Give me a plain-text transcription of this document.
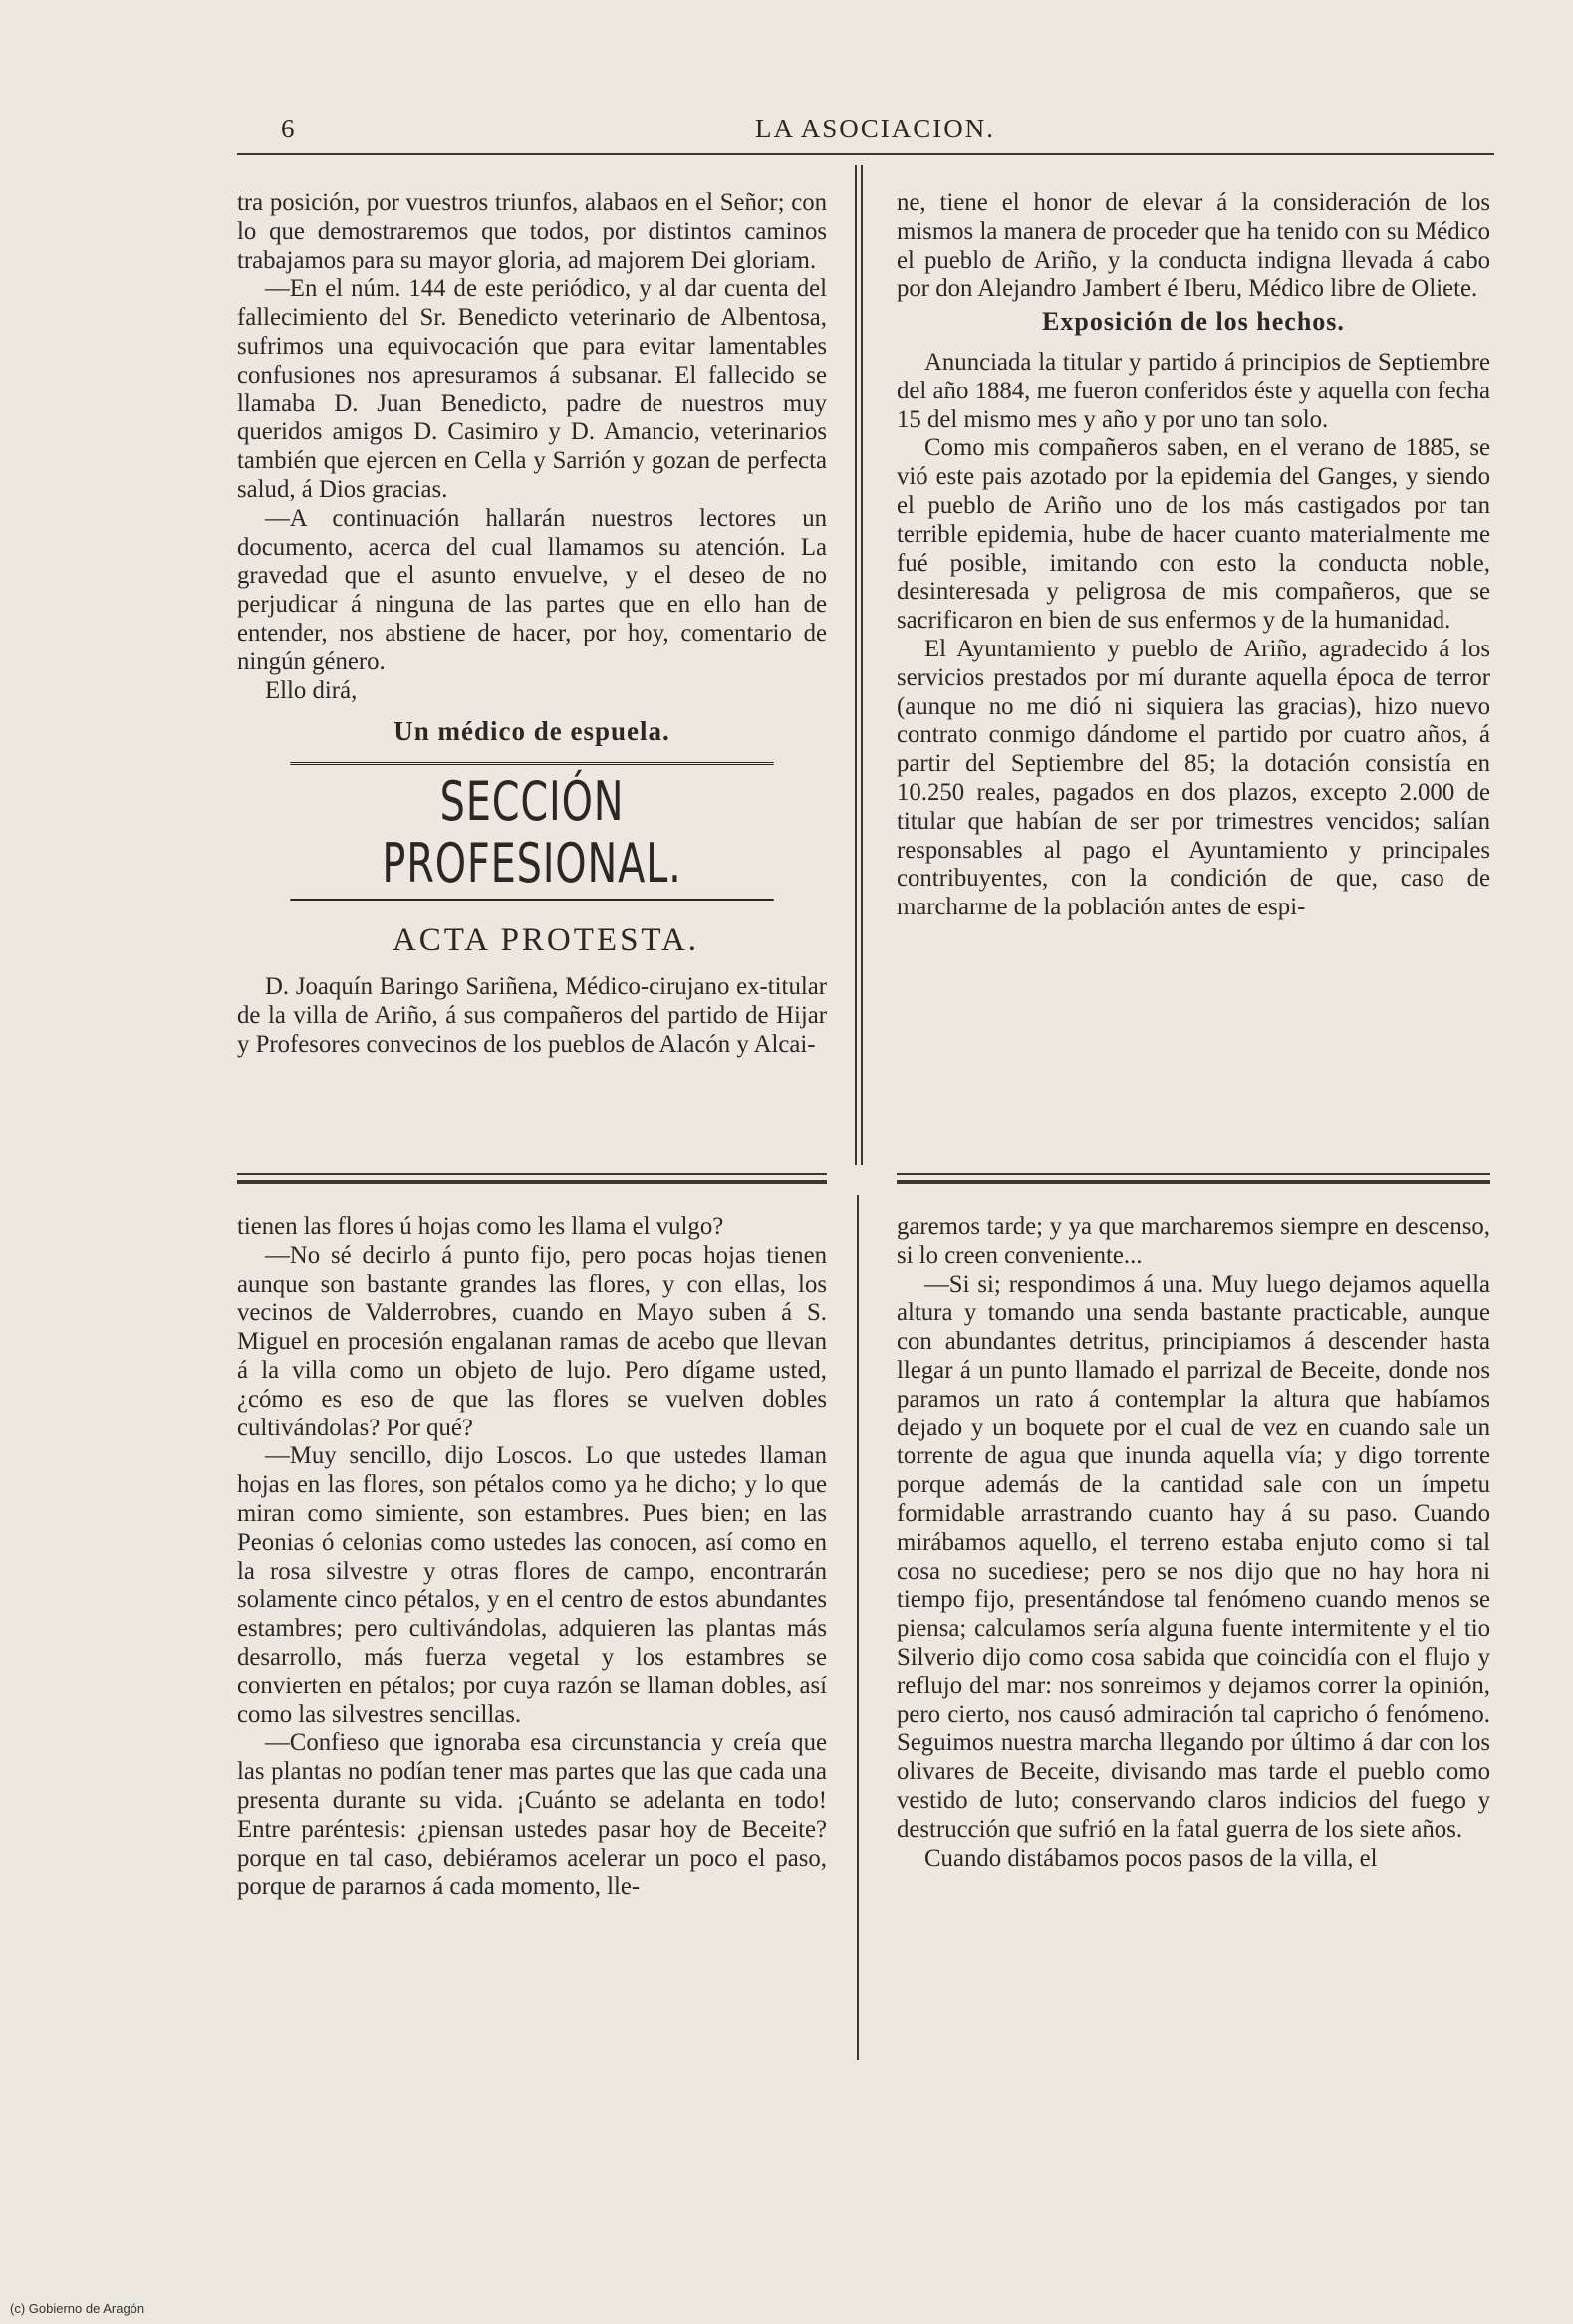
6	LA ASOCIACION.

tra posición, por vuestros triunfos, alabaos en el Señor; con lo que demostraremos que todos, por distintos caminos trabajamos para su mayor gloria, ad majorem Dei gloriam.

—En el núm. 144 de este periódico, y al dar cuenta del fallecimiento del Sr. Benedicto veterinario de Albentosa, sufrimos una equivocación que para evitar lamentables confusiones nos apresuramos á subsanar. El fallecido se llamaba D. Juan Benedicto, padre de nuestros muy queridos amigos D. Casimiro y D. Amancio, veterinarios también que ejercen en Cella y Sarrión y gozan de perfecta salud, á Dios gracias.

—A continuación hallarán nuestros lectores un documento, acerca del cual llamamos su atención. La gravedad que el asunto envuelve, y el deseo de no perjudicar á ninguna de las partes que en ello han de entender, nos abstiene de hacer, por hoy, comentario de ningún género.

Ello dirá,

Un médico de espuela.

SECCIÓN PROFESIONAL.

ACTA PROTESTA.

D. Joaquín Baringo Sariñena, Médico-cirujano ex-titular de la villa de Ariño, á sus compañeros del partido de Hijar y Profesores convecinos de los pueblos de Alacón y Alcai-

ne, tiene el honor de elevar á la consideración de los mismos la manera de proceder que ha tenido con su Médico el pueblo de Ariño, y la conducta indigna llevada á cabo por don Alejandro Jambert é Iberu, Médico libre de Oliete.

Exposición de los hechos.

Anunciada la titular y partido á principios de Septiembre del año 1884, me fueron conferidos éste y aquella con fecha 15 del mismo mes y año y por uno tan solo.

Como mis compañeros saben, en el verano de 1885, se vió este pais azotado por la epidemia del Ganges, y siendo el pueblo de Ariño uno de los más castigados por tan terrible epidemia, hube de hacer cuanto materialmente me fué posible, imitando con esto la conducta noble, desinteresada y peligrosa de mis compañeros, que se sacrificaron en bien de sus enfermos y de la humanidad.

El Ayuntamiento y pueblo de Ariño, agradecido á los servicios prestados por mí durante aquella época de terror (aunque no me dió ni siquiera las gracias), hizo nuevo contrato conmigo dándome el partido por cuatro años, á partir del Septiembre del 85; la dotación consistía en 10.250 reales, pagados en dos plazos, excepto 2.000 de titular que habían de ser por trimestres vencidos; salían responsables al pago el Ayuntamiento y principales contribuyentes, con la condición de que, caso de marcharme de la población antes de espi-

tienen las flores ú hojas como les llama el vulgo?

—No sé decirlo á punto fijo, pero pocas hojas tienen aunque son bastante grandes las flores, y con ellas, los vecinos de Valderrobres, cuando en Mayo suben á S. Miguel en procesión engalanan ramas de acebo que llevan á la villa como un objeto de lujo. Pero dígame usted, ¿cómo es eso de que las flores se vuelven dobles cultivándolas? Por qué?

—Muy sencillo, dijo Loscos. Lo que ustedes llaman hojas en las flores, son pétalos como ya he dicho; y lo que miran como simiente, son estambres. Pues bien; en las Peonias ó celonias como ustedes las conocen, así como en la rosa silvestre y otras flores de campo, encontrarán solamente cinco pétalos, y en el centro de estos abundantes estambres; pero cultivándolas, adquieren las plantas más desarrollo, más fuerza vegetal y los estambres se convierten en pétalos; por cuya razón se llaman dobles, así como las silvestres sencillas.

—Confieso que ignoraba esa circunstancia y creía que las plantas no podían tener mas partes que las que cada una presenta durante su vida. ¡Cuánto se adelanta en todo! Entre paréntesis: ¿piensan ustedes pasar hoy de Beceite? porque en tal caso, debiéramos acelerar un poco el paso, porque de pararnos á cada momento, lle-

garemos tarde; y ya que marcharemos siempre en descenso, si lo creen conveniente...

—Si si; respondimos á una. Muy luego dejamos aquella altura y tomando una senda bastante practicable, aunque con abundantes detritus, principiamos á descender hasta llegar á un punto llamado el parrizal de Beceite, donde nos paramos un rato á contemplar la altura que habíamos dejado y un boquete por el cual de vez en cuando sale un torrente de agua que inunda aquella vía; y digo torrente porque además de la cantidad sale con un ímpetu formidable arrastrando cuanto hay á su paso. Cuando mirábamos aquello, el terreno estaba enjuto como si tal cosa no sucediese; pero se nos dijo que no hay hora ni tiempo fijo, presentándose tal fenómeno cuando menos se piensa; calculamos sería alguna fuente intermitente y el tio Silverio dijo como cosa sabida que coincidía con el flujo y reflujo del mar: nos sonreimos y dejamos correr la opinión, pero cierto, nos causó admiración tal capricho ó fenómeno. Seguimos nuestra marcha llegando por último á dar con los olivares de Beceite, divisando mas tarde el pueblo como vestido de luto; conservando claros indicios del fuego y destrucción que sufrió en la fatal guerra de los siete años.

Cuando distábamos pocos pasos de la villa, el

(c) Gobierno de Aragón
